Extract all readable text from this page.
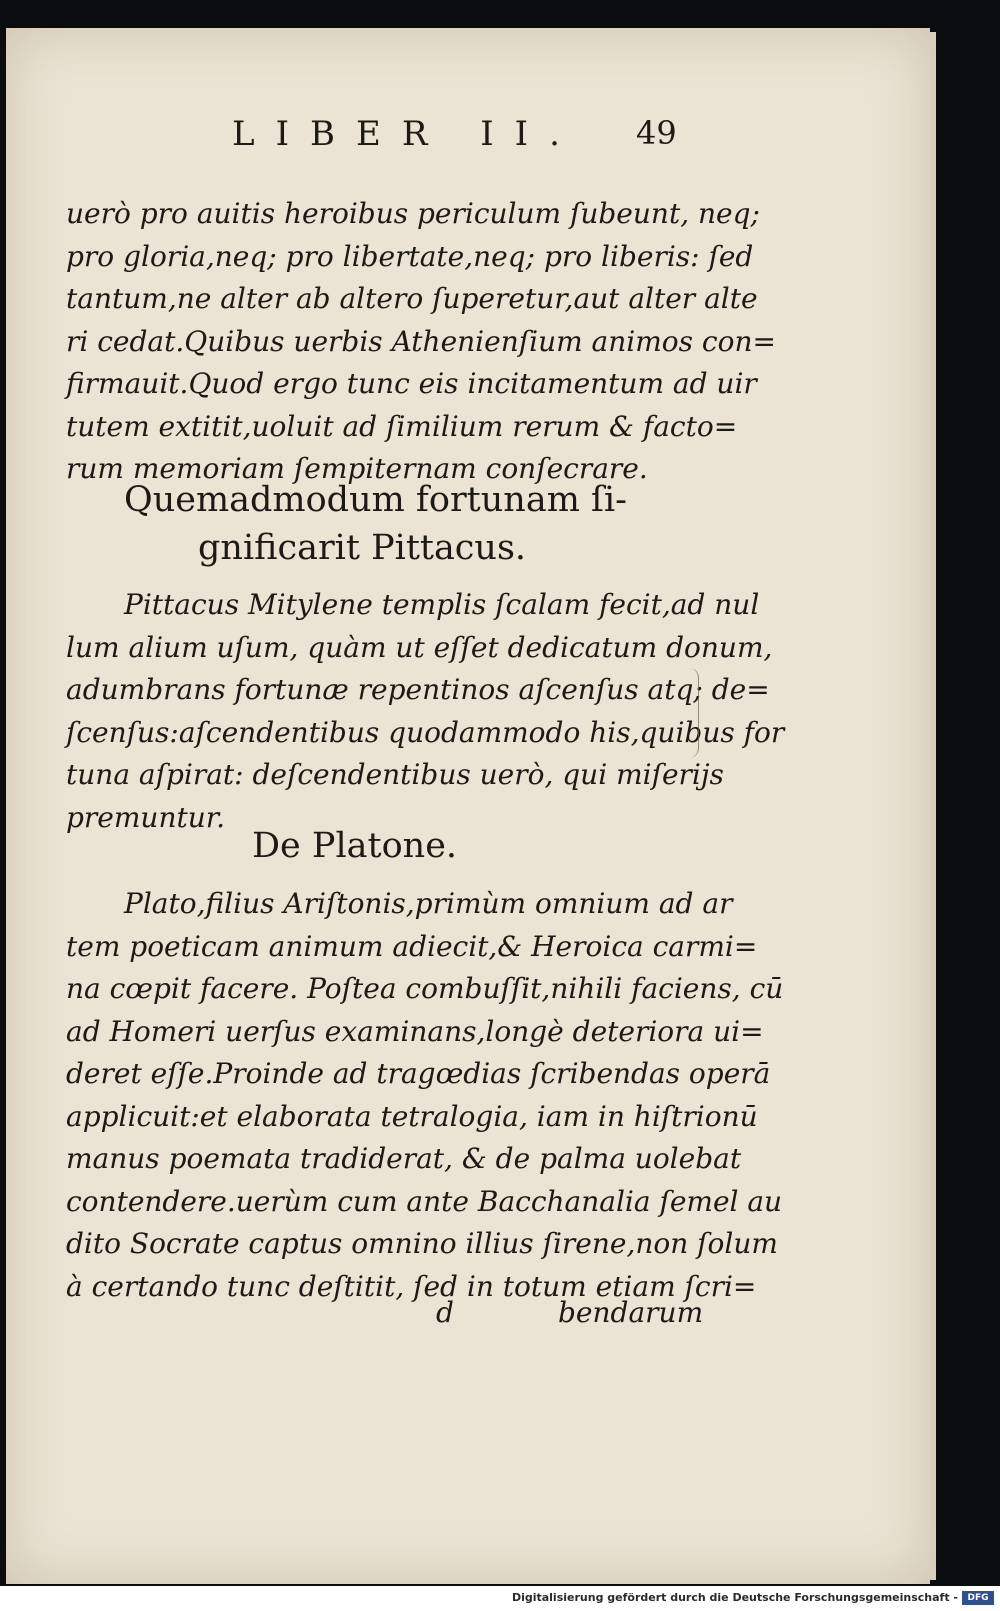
LIBER II. 49
uerò pro auitis heroibus periculum ſubeunt, neq;
pro gloria,neq; pro libertate,neq; pro liberis: ſed
tantum,ne alter ab altero ſuperetur,aut alter alte
ri cedat.Quibus uerbis Athenienſium animos con=
firmauit.Quod ergo tunc eis incitamentum ad uir
tutem extitit,uoluit ad ſimilium rerum & facto=
rum memoriam ſempiternam conſecrare.
Quemadmodum fortunam ſi-
gnificarit Pittacus.
Pittacus Mitylene templis ſcalam fecit,ad nul
lum alium uſum, quàm ut eſſet dedicatum donum,
adumbrans fortunæ repentinos aſcenſus atq; de=
ſcenſus:aſcendentibus quodammodo his,quibus for
tuna aſpirat: deſcendentibus uerò, qui miſerijs
premuntur.
De Platone.
Plato,filius Ariſtonis,primùm omnium ad ar
tem poeticam animum adiecit,& Heroica carmi=
na cœpit facere. Poſtea combuſſit,nihili faciens, cū
ad Homeri uerſus examinans,longè deteriora ui=
deret eſſe.Proinde ad tragœdias ſcribendas operā
applicuit:et elaborata tetralogia, iam in hiſtrionū
manus poemata tradiderat, & de palma uolebat
contendere.uerùm cum ante Bacchanalia ſemel au
dito Socrate captus omnino illius ſirene,non ſolum
à certando tunc deſtitit, ſed in totum etiam ſcri=
d	bendarum
Digitalisierung gefördert durch die Deutsche Forschungsgemeinschaft -	DFG
